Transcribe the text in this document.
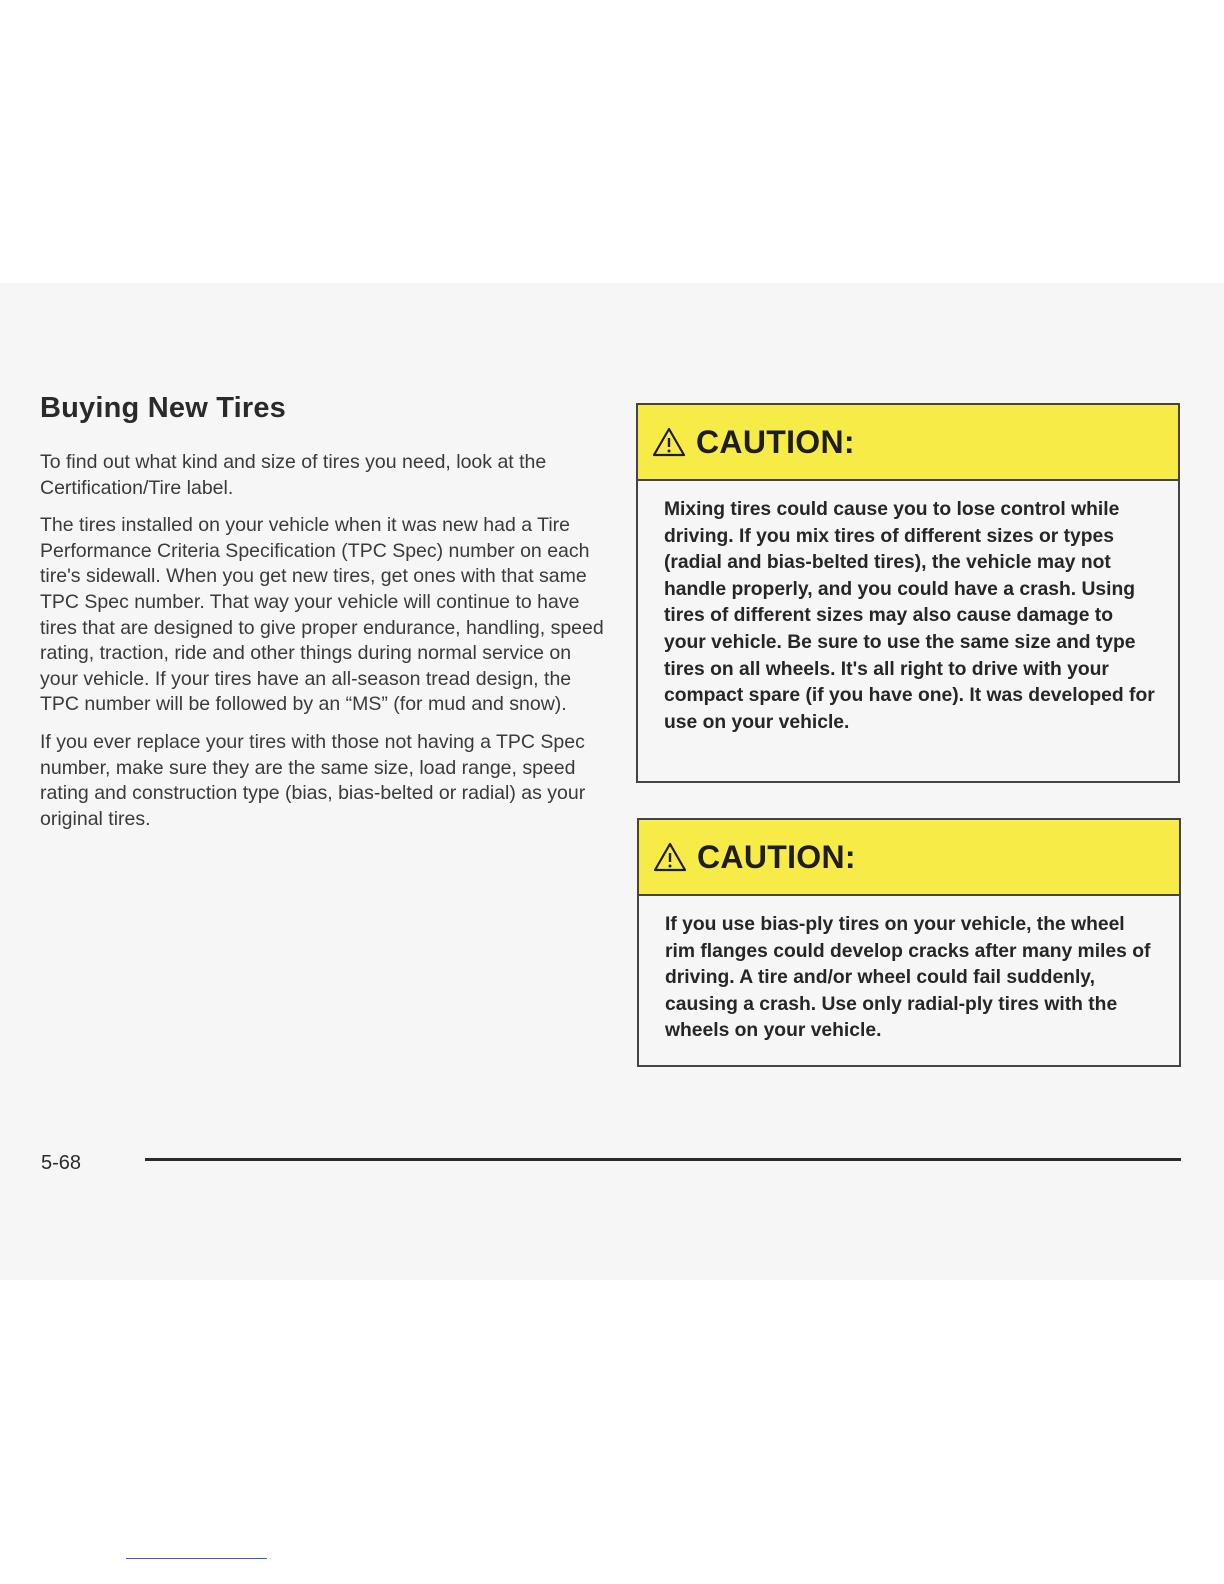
Buying New Tires

To find out what kind and size of tires you need, look at the Certification/Tire label.

The tires installed on your vehicle when it was new had a Tire Performance Criteria Specification (TPC Spec) number on each tire's sidewall. When you get new tires, get ones with that same TPC Spec number. That way your vehicle will continue to have tires that are designed to give proper endurance, handling, speed rating, traction, ride and other things during normal service on your vehicle. If your tires have an all-season tread design, the TPC number will be followed by an “MS” (for mud and snow).

If you ever replace your tires with those not having a TPC Spec number, make sure they are the same size, load range, speed rating and construction type (bias, bias-belted or radial) as your original tires.

CAUTION:

Mixing tires could cause you to lose control while driving. If you mix tires of different sizes or types (radial and bias-belted tires), the vehicle may not handle properly, and you could have a crash. Using tires of different sizes may also cause damage to your vehicle. Be sure to use the same size and type tires on all wheels. It's all right to drive with your compact spare (if you have one). It was developed for use on your vehicle.

CAUTION:

If you use bias-ply tires on your vehicle, the wheel rim flanges could develop cracks after many miles of driving. A tire and/or wheel could fail suddenly, causing a crash. Use only radial-ply tires with the wheels on your vehicle.

5-68
